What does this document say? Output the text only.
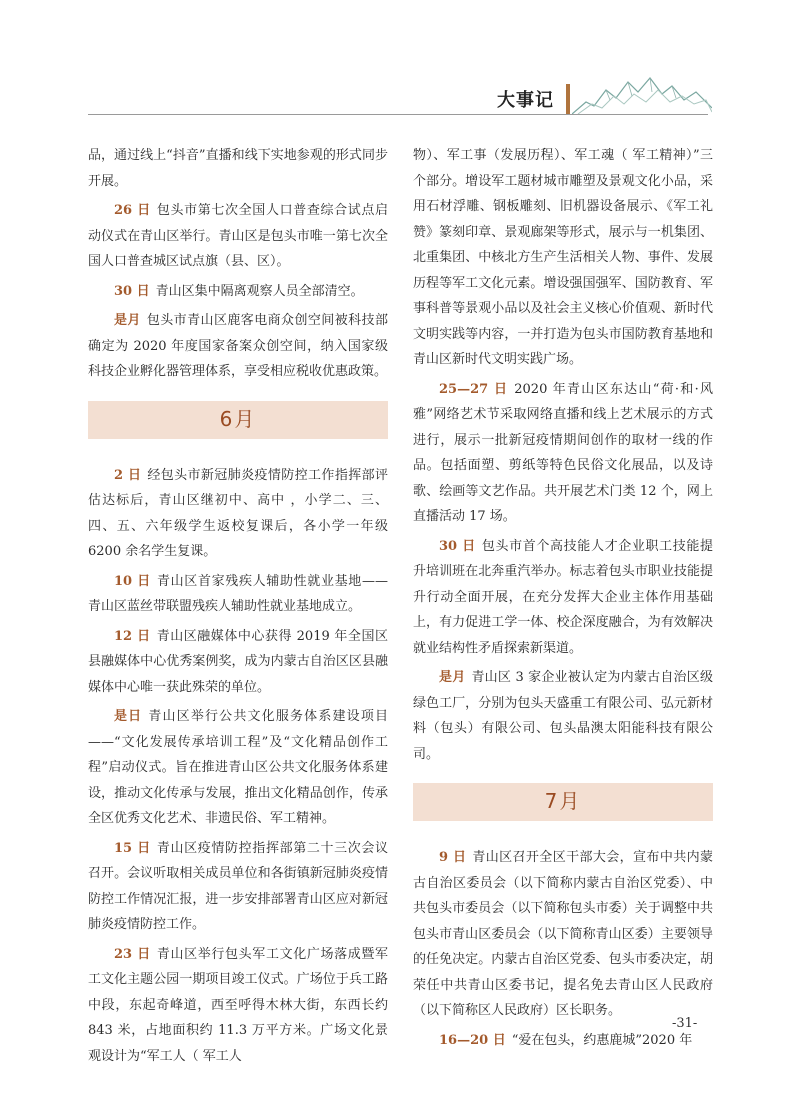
大事记

品，通过线上“抖音”直播和线下实地参观的形式同步开展。

26 日 包头市第七次全国人口普查综合试点启动仪式在青山区举行。青山区是包头市唯一第七次全国人口普查城区试点旗（县、区）。

30 日 青山区集中隔离观察人员全部清空。

是月 包头市青山区鹿客电商众创空间被科技部确定为 2020 年度国家备案众创空间，纳入国家级科技企业孵化器管理体系，享受相应税收优惠政策。

6月

2 日 经包头市新冠肺炎疫情防控工作指挥部评估达标后，青山区继初中、高中 ，小学二、三、四、五、六年级学生返校复课后，各小学一年级 6200 余名学生复课。

10 日 青山区首家残疾人辅助性就业基地——青山区蓝丝带联盟残疾人辅助性就业基地成立。

12 日 青山区融媒体中心获得 2019 年全国区县融媒体中心优秀案例奖，成为内蒙古自治区区县融媒体中心唯一获此殊荣的单位。

是日 青山区举行公共文化服务体系建设项目——“文化发展传承培训工程”及“文化精品创作工程”启动仪式。旨在推进青山区公共文化服务体系建设，推动文化传承与发展，推出文化精品创作，传承全区优秀文化艺术、非遗民俗、军工精神。

15 日 青山区疫情防控指挥部第二十三次会议召开。会议听取相关成员单位和各街镇新冠肺炎疫情防控工作情况汇报，进一步安排部署青山区应对新冠肺炎疫情防控工作。

23 日 青山区举行包头军工文化广场落成暨军工文化主题公园一期项目竣工仪式。广场位于兵工路中段，东起奇峰道，西至呼得木林大街，东西长约 843 米，占地面积约 11.3 万平方米。广场文化景观设计为“军工人（ 军工人

物）、军工事（发展历程）、军工魂（ 军工精神）”三个部分。增设军工题材城市雕塑及景观文化小品，采用石材浮雕、钢板雕刻、旧机器设备展示、《军工礼赞》篆刻印章、景观廊架等形式，展示与一机集团、北重集团、中核北方生产生活相关人物、事件、发展历程等军工文化元素。增设强国强军、国防教育、军事科普等景观小品以及社会主义核心价值观、新时代文明实践等内容，一并打造为包头市国防教育基地和青山区新时代文明实践广场。

25—27 日 2020 年青山区东达山“荷·和·风雅”网络艺术节采取网络直播和线上艺术展示的方式进行，展示一批新冠疫情期间创作的取材一线的作品。包括面塑、剪纸等特色民俗文化展品，以及诗歌、绘画等文艺作品。共开展艺术门类 12 个，网上直播活动 17 场。

30 日 包头市首个高技能人才企业职工技能提升培训班在北奔重汽举办。标志着包头市职业技能提升行动全面开展，在充分发挥大企业主体作用基础上，有力促进工学一体、校企深度融合，为有效解决就业结构性矛盾探索新渠道。

是月 青山区 3 家企业被认定为内蒙古自治区级绿色工厂，分别为包头天盛重工有限公司、弘元新材料（包头）有限公司、包头晶澳太阳能科技有限公司。

7月

9 日 青山区召开全区干部大会，宣布中共内蒙古自治区委员会（以下简称内蒙古自治区党委）、中共包头市委员会（以下简称包头市委）关于调整中共包头市青山区委员会（以下简称青山区委）主要领导的任免决定。内蒙古自治区党委、包头市委决定，胡荣任中共青山区委书记，提名免去青山区人民政府（以下简称区人民政府）区长职务。

16—20 日 “爱在包头，约惠鹿城”2020 年

-31-
